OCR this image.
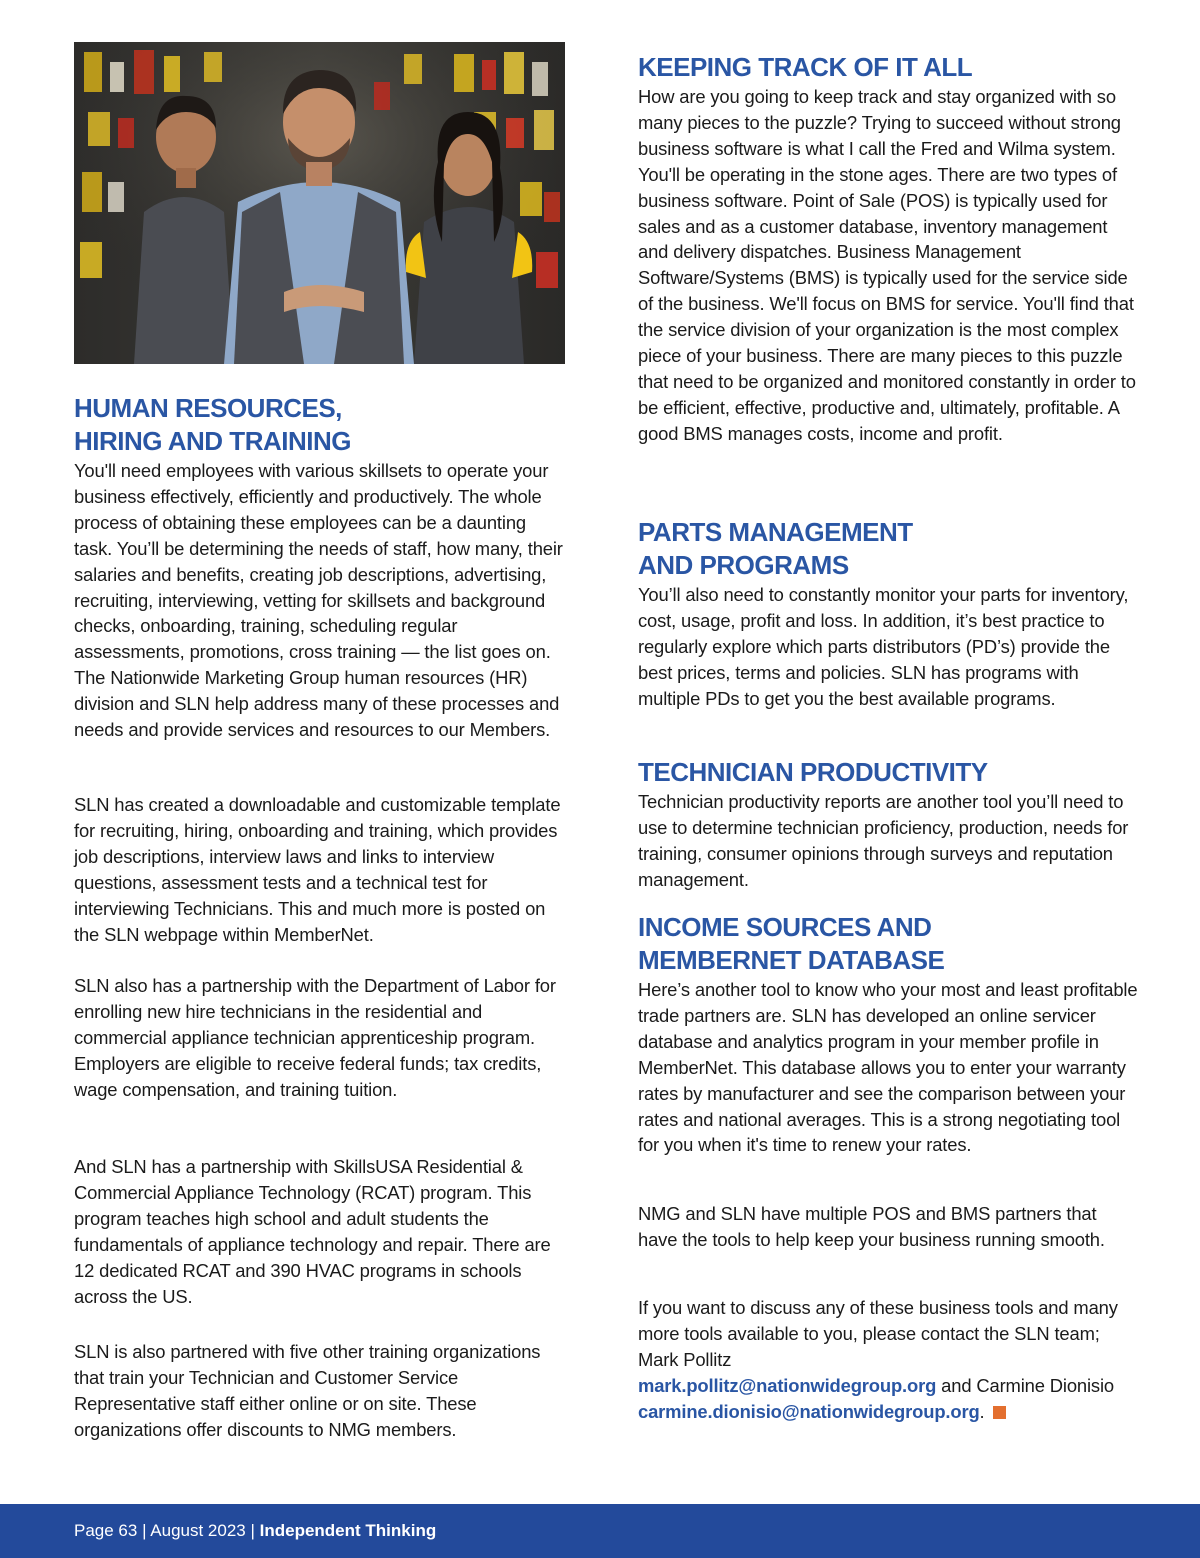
HUMAN RESOURCES,
HIRING AND TRAINING

You'll need employees with various skillsets to operate your business effectively, efficiently and productively. The whole process of obtaining these employees can be a daunting task. You’ll be determining the needs of staff, how many, their salaries and benefits, creating job descriptions, advertising, recruiting, interviewing, vetting for skillsets and background checks, onboarding, training, scheduling regular assessments, promotions, cross training — the list goes on. The Nationwide Marketing Group human resources (HR) division and SLN help address many of these processes and needs and provide services and resources to our Members.

SLN has created a downloadable and customizable template for recruiting, hiring, onboarding and training, which provides job descriptions, interview laws and links to interview questions, assessment tests and a technical test for interviewing Technicians. This and much more is posted on the SLN webpage within MemberNet.

SLN also has a partnership with the Department of Labor for enrolling new hire technicians in the residential and commercial appliance technician apprenticeship program. Employers are eligible to receive federal funds; tax credits, wage compensation, and training tuition.

And SLN has a partnership with SkillsUSA Residential & Commercial Appliance Technology (RCAT) program. This program teaches high school and adult students the fundamentals of appliance technology and repair. There are 12 dedicated RCAT and 390 HVAC programs in schools across the US.

SLN is also partnered with five other training organizations that train your Technician and Customer Service Representative staff either online or on site. These organizations offer discounts to NMG members.

KEEPING TRACK OF IT ALL

How are you going to keep track and stay organized with so many pieces to the puzzle? Trying to succeed without strong business software is what I call the Fred and Wilma system. You'll be operating in the stone ages. There are two types of business software. Point of Sale (POS) is typically used for sales and as a customer database, inventory management and delivery dispatches. Business Management Software/Systems (BMS) is typically used for the service side of the business. We'll focus on BMS for service. You'll find that the service division of your organization is the most complex piece of your business. There are many pieces to this puzzle that need to be organized and monitored constantly in order to be efficient, effective, productive and, ultimately, profitable. A good BMS manages costs, income and profit.

PARTS MANAGEMENT
AND PROGRAMS

You’ll also need to constantly monitor your parts for inventory, cost, usage, profit and loss. In addition, it’s best practice to regularly explore which parts distributors (PD’s) provide the best prices, terms and policies. SLN has programs with multiple PDs to get you the best available programs.

TECHNICIAN PRODUCTIVITY

Technician productivity reports are another tool you’ll need to use to determine technician proficiency, production, needs for training, consumer opinions through surveys and reputation management.

INCOME SOURCES AND
MEMBERNET DATABASE

Here’s another tool to know who your most and least profitable trade partners are. SLN has developed an online servicer database and analytics program in your member profile in MemberNet. This database allows you to enter your warranty rates by manufacturer and see the comparison between your rates and national averages. This is a strong negotiating tool for you when it's time to renew your rates.

NMG and SLN have multiple POS and BMS partners that have the tools to help keep your business running smooth.

If you want to discuss any of these business tools and many more tools available to you, please contact the SLN team; Mark Pollitz
mark.pollitz@nationwidegroup.org and Carmine Dionisio carmine.dionisio@nationwidegroup.org.

Page 63 | August 2023 | Independent Thinking
